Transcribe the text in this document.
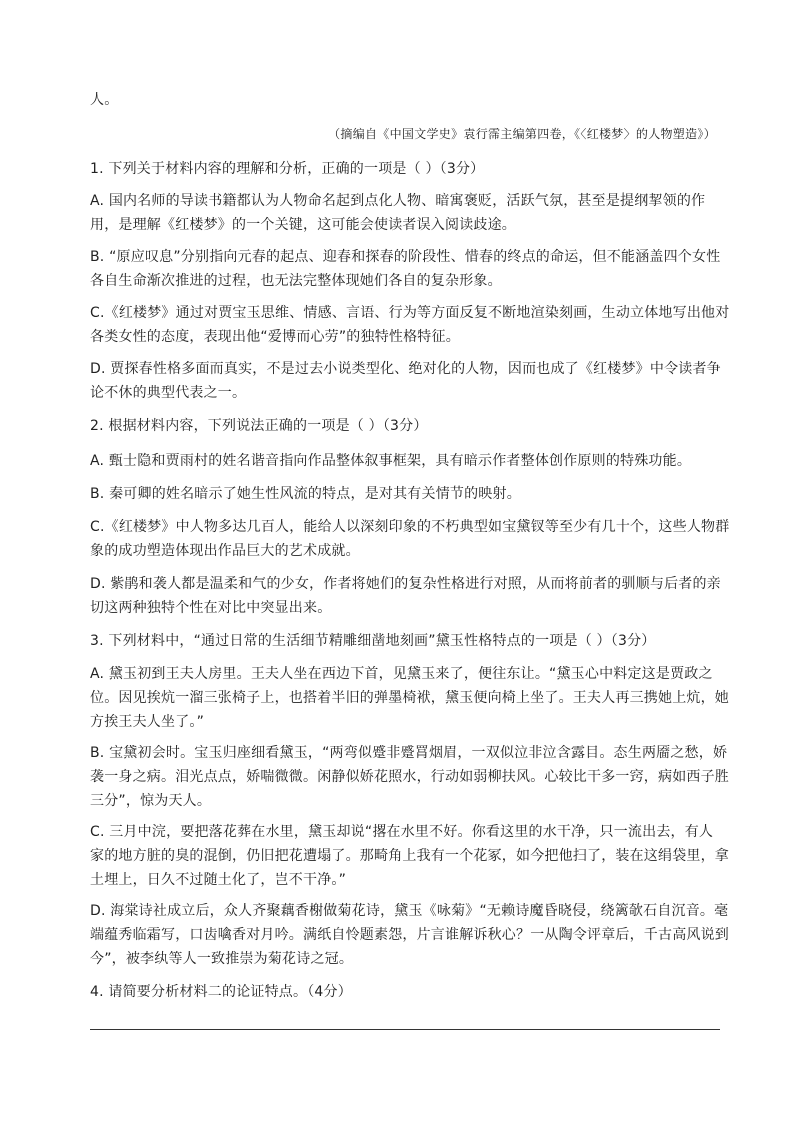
人。

（摘编自《中国文学史》袁行霈主编第四卷，《〈红楼梦〉的人物塑造》）

1. 下列关于材料内容的理解和分析，正确的一项是（ ）（3分）

A. 国内名师的导读书籍都认为人物命名起到点化人物、暗寓褒贬，活跃气氛，甚至是提纲挈领的作
用，是理解《红楼梦》的一个关键，这可能会使读者误入阅读歧途。

B. “原应叹息”分别指向元春的起点、迎春和探春的阶段性、惜春的终点的命运，但不能涵盖四个女性
各自生命渐次推进的过程，也无法完整体现她们各自的复杂形象。

C.《红楼梦》通过对贾宝玉思维、情感、言语、行为等方面反复不断地渲染刻画，生动立体地写出他对
各类女性的态度，表现出他“爱博而心劳”的独特性格特征。

D. 贾探春性格多面而真实，不是过去小说类型化、绝对化的人物，因而也成了《红楼梦》中令读者争
论不休的典型代表之一。

2. 根据材料内容，下列说法正确的一项是（ ）（3分）

A. 甄士隐和贾雨村的姓名谐音指向作品整体叙事框架，具有暗示作者整体创作原则的特殊功能。

B. 秦可卿的姓名暗示了她生性风流的特点，是对其有关情节的映射。

C.《红楼梦》中人物多达几百人，能给人以深刻印象的不朽典型如宝黛钗等至少有几十个，这些人物群
象的成功塑造体现出作品巨大的艺术成就。

D. 紫鹃和袭人都是温柔和气的少女，作者将她们的复杂性格进行对照，从而将前者的驯顺与后者的亲
切这两种独特个性在对比中突显出来。

3. 下列材料中，“通过日常的生活细节精雕细凿地刻画”黛玉性格特点的一项是（ ）（3分）

A. 黛玉初到王夫人房里。王夫人坐在西边下首，见黛玉来了，便往东让。“黛玉心中料定这是贾政之
位。因见挨炕一溜三张椅子上，也搭着半旧的弹墨椅袱，黛玉便向椅上坐了。王夫人再三携她上炕，她
方挨王夫人坐了。”

B. 宝黛初会时。宝玉归座细看黛玉，“两弯似蹙非蹙罥烟眉，一双似泣非泣含露目。态生两靥之愁，娇
袭一身之病。泪光点点，娇喘微微。闲静似娇花照水，行动如弱柳扶风。心较比干多一窍，病如西子胜
三分”，惊为天人。

C. 三月中浣，要把落花葬在水里，黛玉却说“撂在水里不好。你看这里的水干净，只一流出去，有人
家的地方脏的臭的混倒，仍旧把花遭塌了。那畸角上我有一个花冢，如今把他扫了，装在这绢袋里，拿
土埋上，日久不过随土化了，岂不干净。”

D. 海棠诗社成立后，众人齐聚藕香榭做菊花诗，黛玉《咏菊》“无赖诗魔昏晓侵，绕篱欹石自沉音。毫
端蕴秀临霜写，口齿噙香对月吟。满纸自怜题素怨，片言谁解诉秋心？一从陶令评章后，千古高风说到
今”，被李纨等人一致推崇为菊花诗之冠。

4. 请简要分析材料二的论证特点。（4分）
